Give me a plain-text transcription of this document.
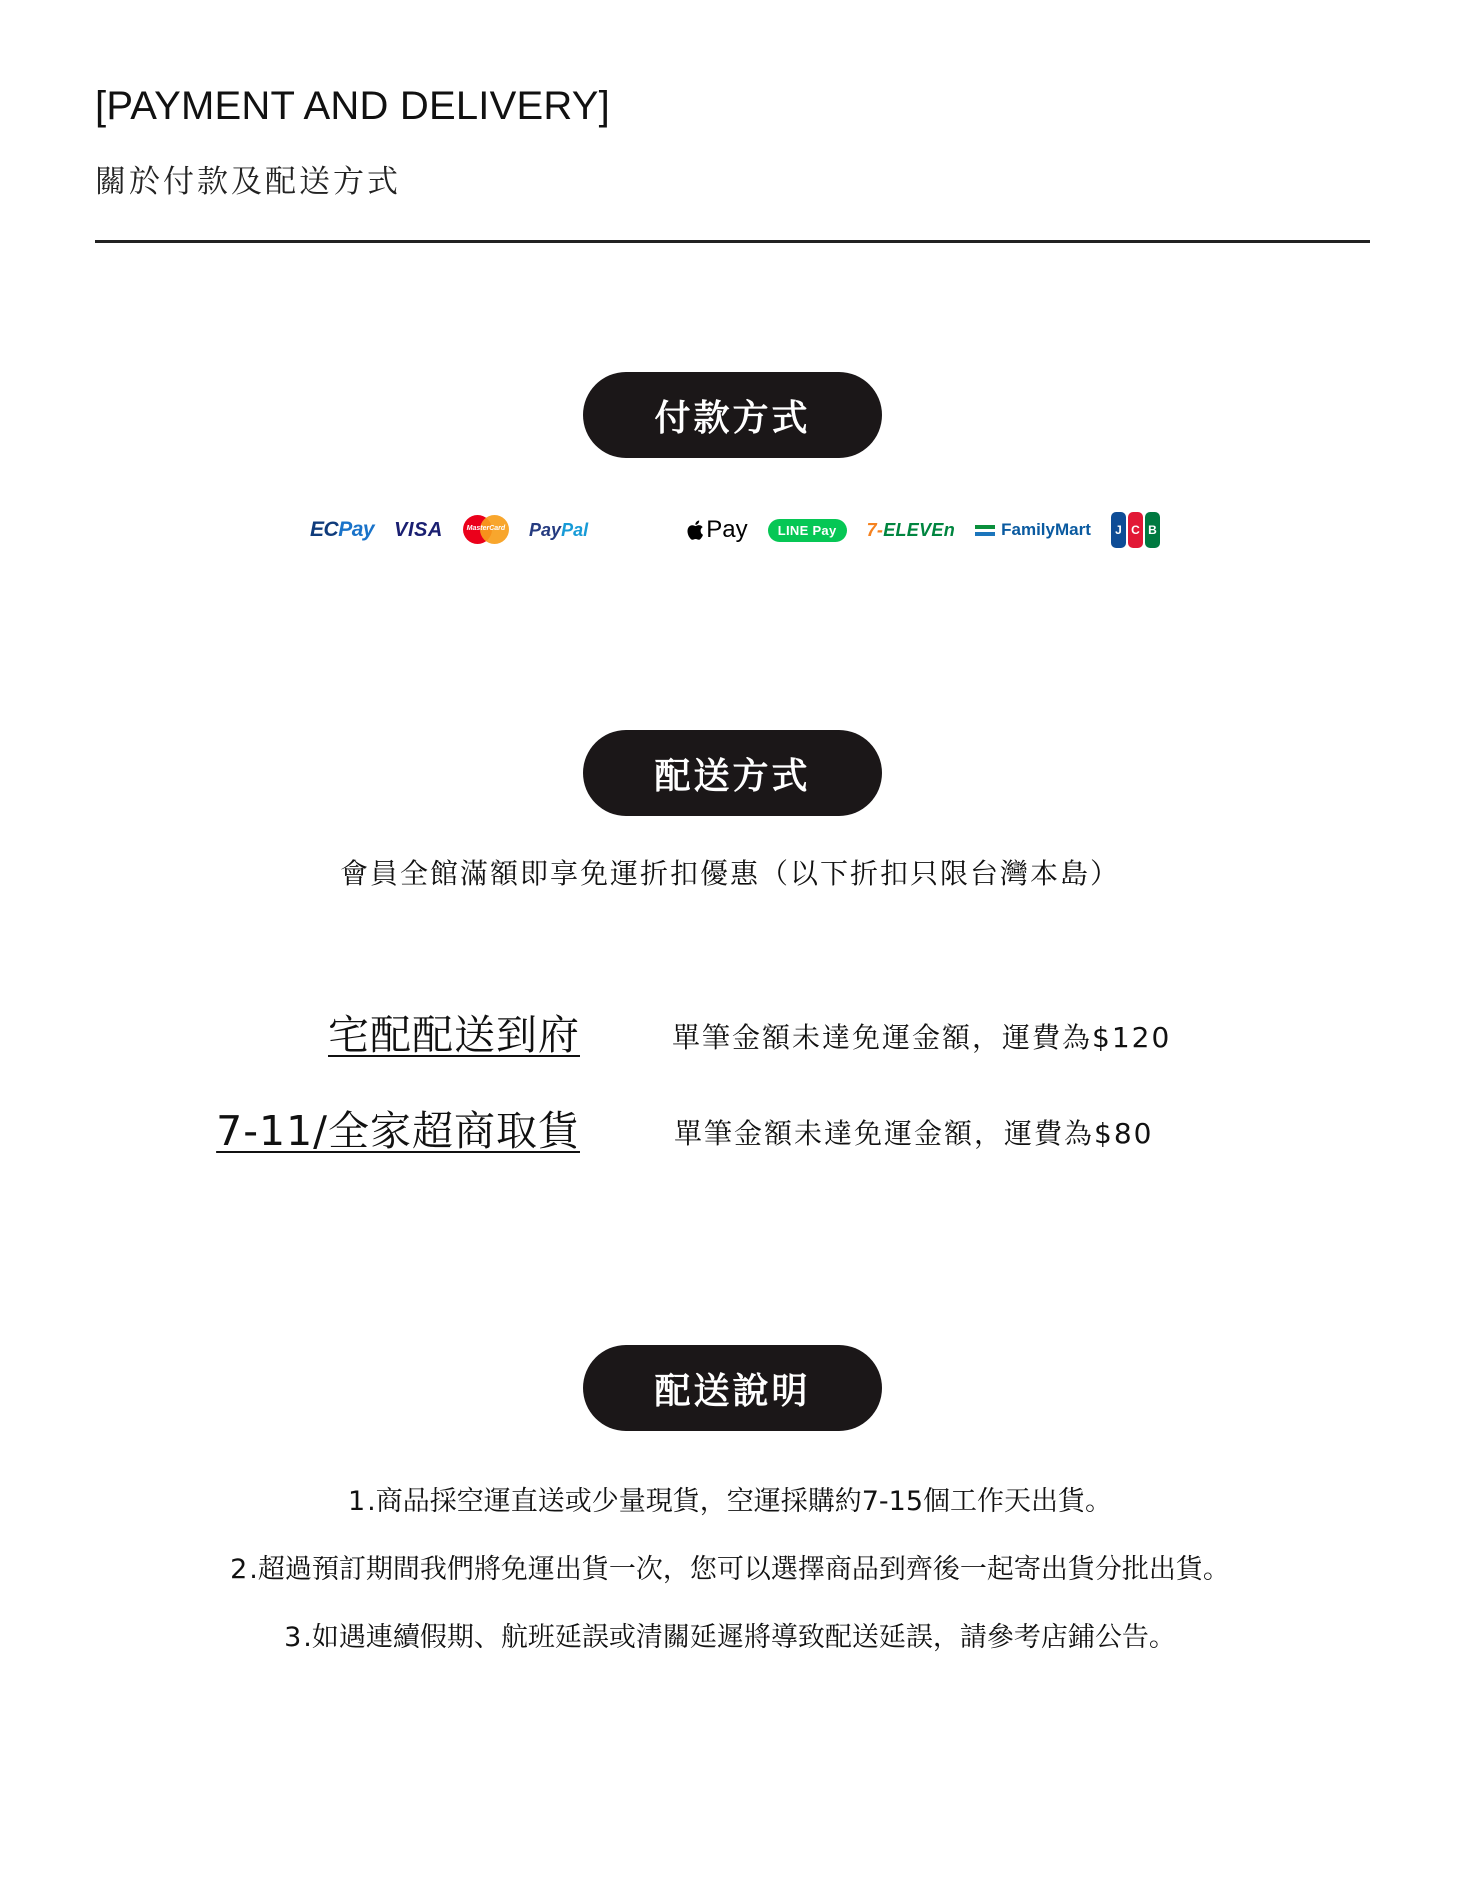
[PAYMENT AND DELIVERY]
關於付款及配送方式
付款方式
EC Pay VISA	MasterCard Pay Pal	UnionPay
银联	Pay LINE Pay 7- ELEVEn	FamilyMart	J C B
配送方式
會員全館滿額即享免運折扣優惠（以下折扣只限台灣本島）
宅配配送到府	單筆金額未達免運金額，運費為$120
7-11/全家超商取貨	單筆金額未達免運金額，運費為$80
配送說明
1.商品採空運直送或少量現貨，空運採購約7-15個工作天出貨。
2.超過預訂期間我們將免運出貨一次，您可以選擇商品到齊後一起寄出貨分批出貨。
3.如遇連續假期、航班延誤或清關延遲將導致配送延誤，請參考店鋪公告。
